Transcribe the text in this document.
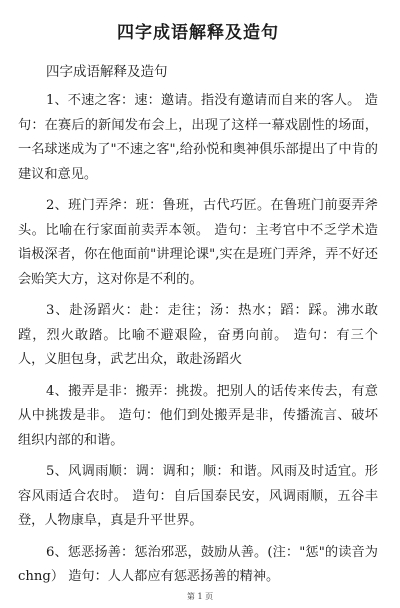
四字成语解释及造句
四字成语解释及造句

1、不速之客：速：邀请。指没有邀请而自来的客人。 造句：在赛后的新闻发布会上，出现了这样一幕戏剧性的场面，一名球迷成为了"不速之客",给孙悦和奥神俱乐部提出了中肯的建议和意见。

2、班门弄斧：班：鲁班，古代巧匠。在鲁班门前耍弄斧头。比喻在行家面前卖弄本领。 造句：主考官中不乏学术造诣极深者，你在他面前"讲理论课",实在是班门弄斧，弄不好还会贻笑大方，这对你是不利的。

3、赴汤蹈火：赴：走往；汤：热水；蹈：踩。沸水敢蹚，烈火敢踏。比喻不避艰险，奋勇向前。 造句：有三个人，义胆包身，武艺出众，敢赴汤蹈火

4、搬弄是非：搬弄：挑拨。把别人的话传来传去，有意从中挑拨是非。 造句：他们到处搬弄是非，传播流言、破坏组织内部的和谐。

5、风调雨顺：调：调和；顺：和谐。风雨及时适宜。形容风雨适合农时。 造句：自后国泰民安，风调雨顺，五谷丰登，人物康阜，真是升平世界。

6、惩恶扬善：惩治邪恶，鼓励从善。(注："惩"的读音为chng） 造句：人人都应有惩恶扬善的精神。

第 1 页
